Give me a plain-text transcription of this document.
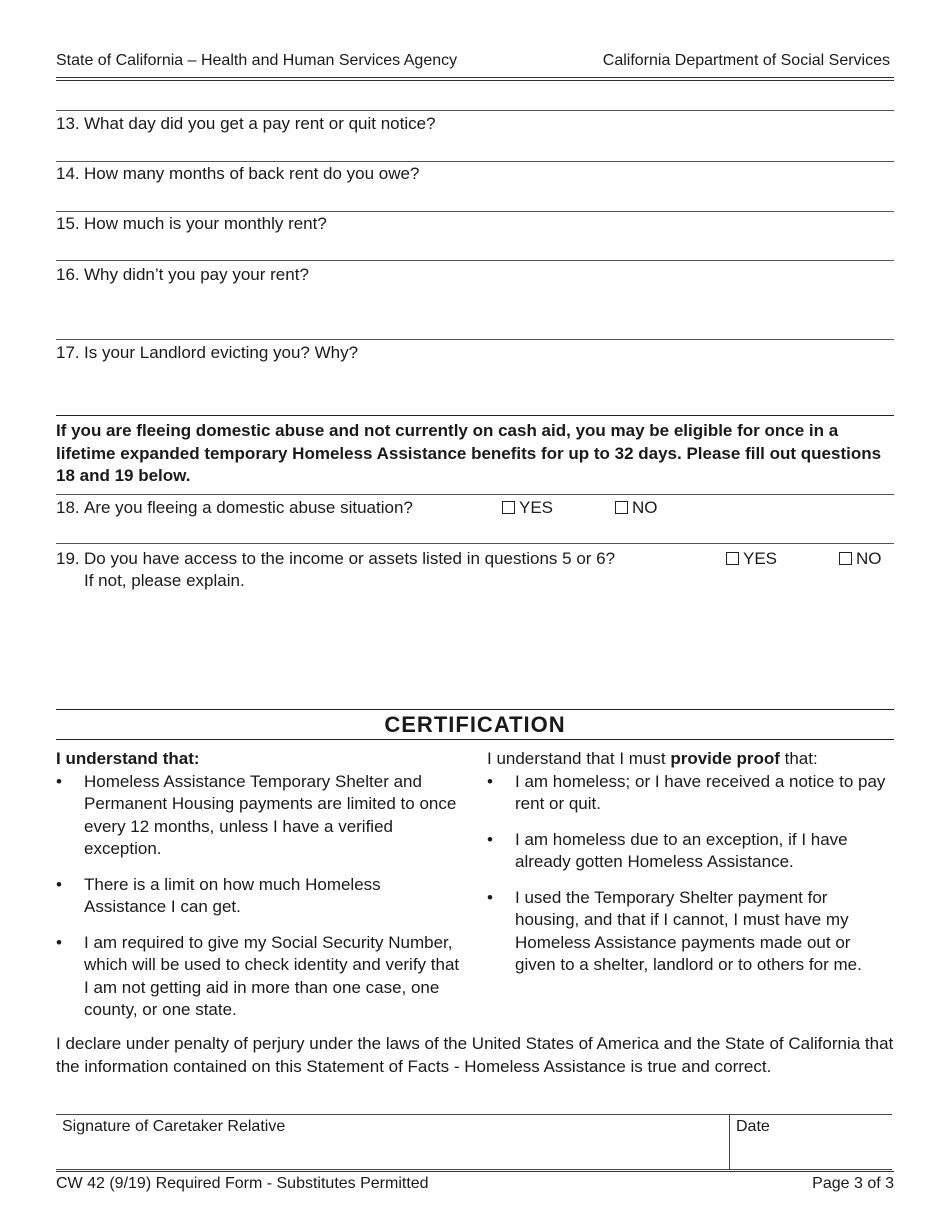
State of California – Health and Human Services Agency	California Department of Social Services
13. What day did you get a pay rent or quit notice?
14. How many months of back rent do you owe?
15. How much is your monthly rent?
16. Why didn’t you pay your rent?
17. Is your Landlord evicting you? Why?
If you are fleeing domestic abuse and not currently on cash aid, you may be eligible for once in a lifetime expanded temporary Homeless Assistance benefits for up to 32 days. Please fill out questions 18 and 19 below.
18. Are you fleeing a domestic abuse situation?	YES	NO
19. Do you have access to the income or assets listed in questions 5 or 6?
If not, please explain.
YES	NO
CERTIFICATION

I understand that:

• Homeless Assistance Temporary Shelter and Permanent Housing payments are limited to once every 12 months, unless I have a verified exception.
• There is a limit on how much Homeless Assistance I can get.
• I am required to give my Social Security Number, which will be used to check identity and verify that I am not getting aid in more than one case, one county, or one state.

I understand that I must provide proof that:

• I am homeless; or I have received a notice to pay rent or quit.
• I am homeless due to an exception, if I have already gotten Homeless Assistance.
• I used the Temporary Shelter payment for housing, and that if I cannot, I must have my Homeless Assistance payments made out or given to a shelter, landlord or to others for me.
I declare under penalty of perjury under the laws of the United States of America and the State of California that the information contained on this Statement of Facts - Homeless Assistance is true and correct.
Signature of Caretaker Relative	Date
CW 42 (9/19) Required Form - Substitutes Permitted	Page 3 of 3
